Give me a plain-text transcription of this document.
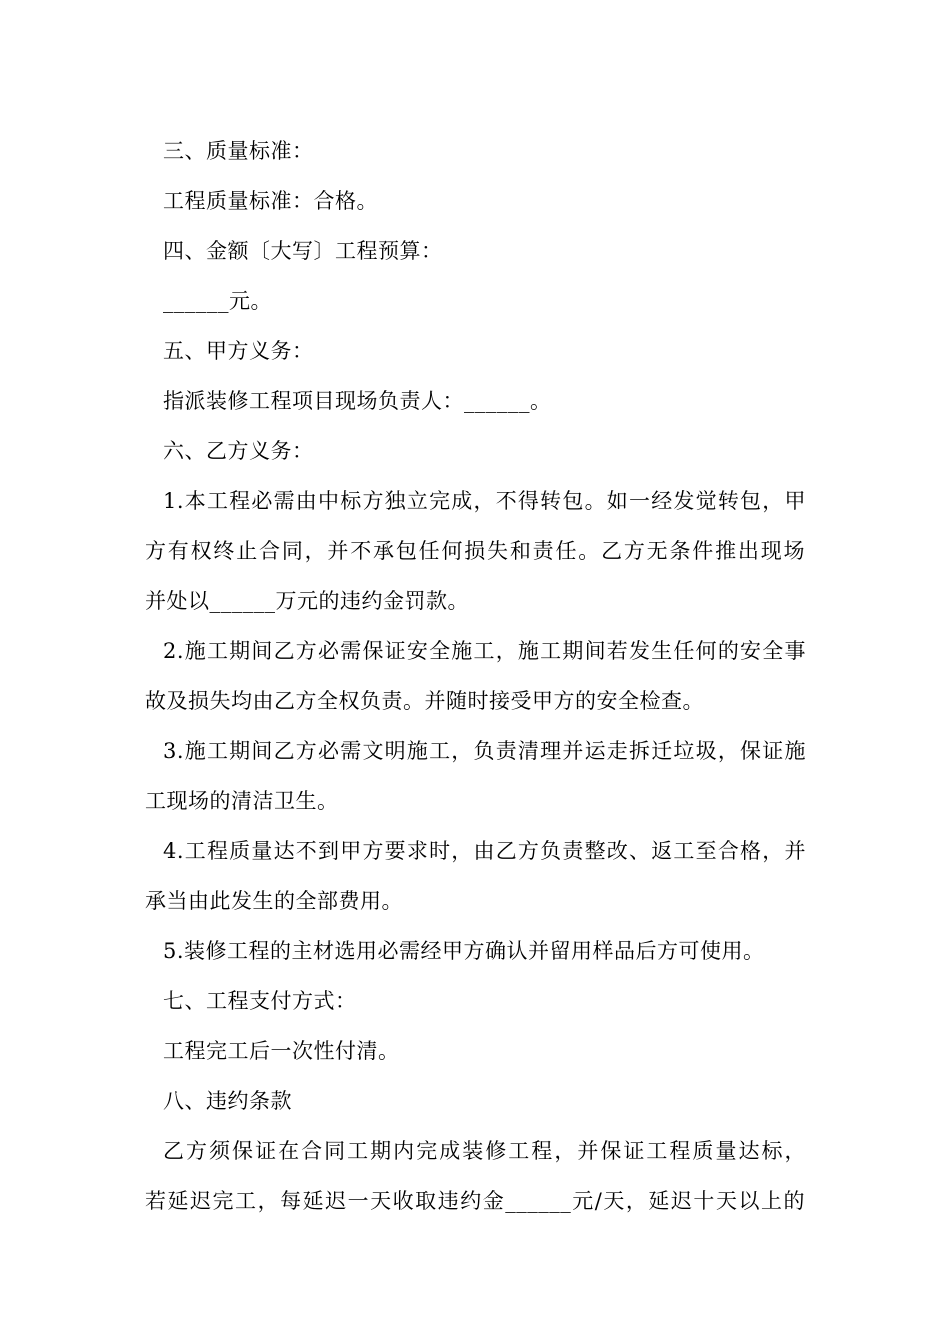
三、质量标准：
工程质量标准：合格。
四、金额〔大写〕工程预算：
______元。
五、甲方义务：
指派装修工程项目现场负责人：______。
六、乙方义务：
1.本工程必需由中标方独立完成，不得转包。如一经发觉转包，甲
方有权终止合同，并不承包任何损失和责任。乙方无条件推出现场
并处以______万元的违约金罚款。
2.施工期间乙方必需保证安全施工，施工期间若发生任何的安全事
故及损失均由乙方全权负责。并随时接受甲方的安全检查。
3.施工期间乙方必需文明施工，负责清理并运走拆迁垃圾，保证施
工现场的清洁卫生。
4.工程质量达不到甲方要求时，由乙方负责整改、返工至合格，并
承当由此发生的全部费用。
5.装修工程的主材选用必需经甲方确认并留用样品后方可使用。
七、工程支付方式：
工程完工后一次性付清。
八、违约条款
乙方须保证在合同工期内完成装修工程，并保证工程质量达标，
若延迟完工，每延迟一天收取违约金______元/天，延迟十天以上的
